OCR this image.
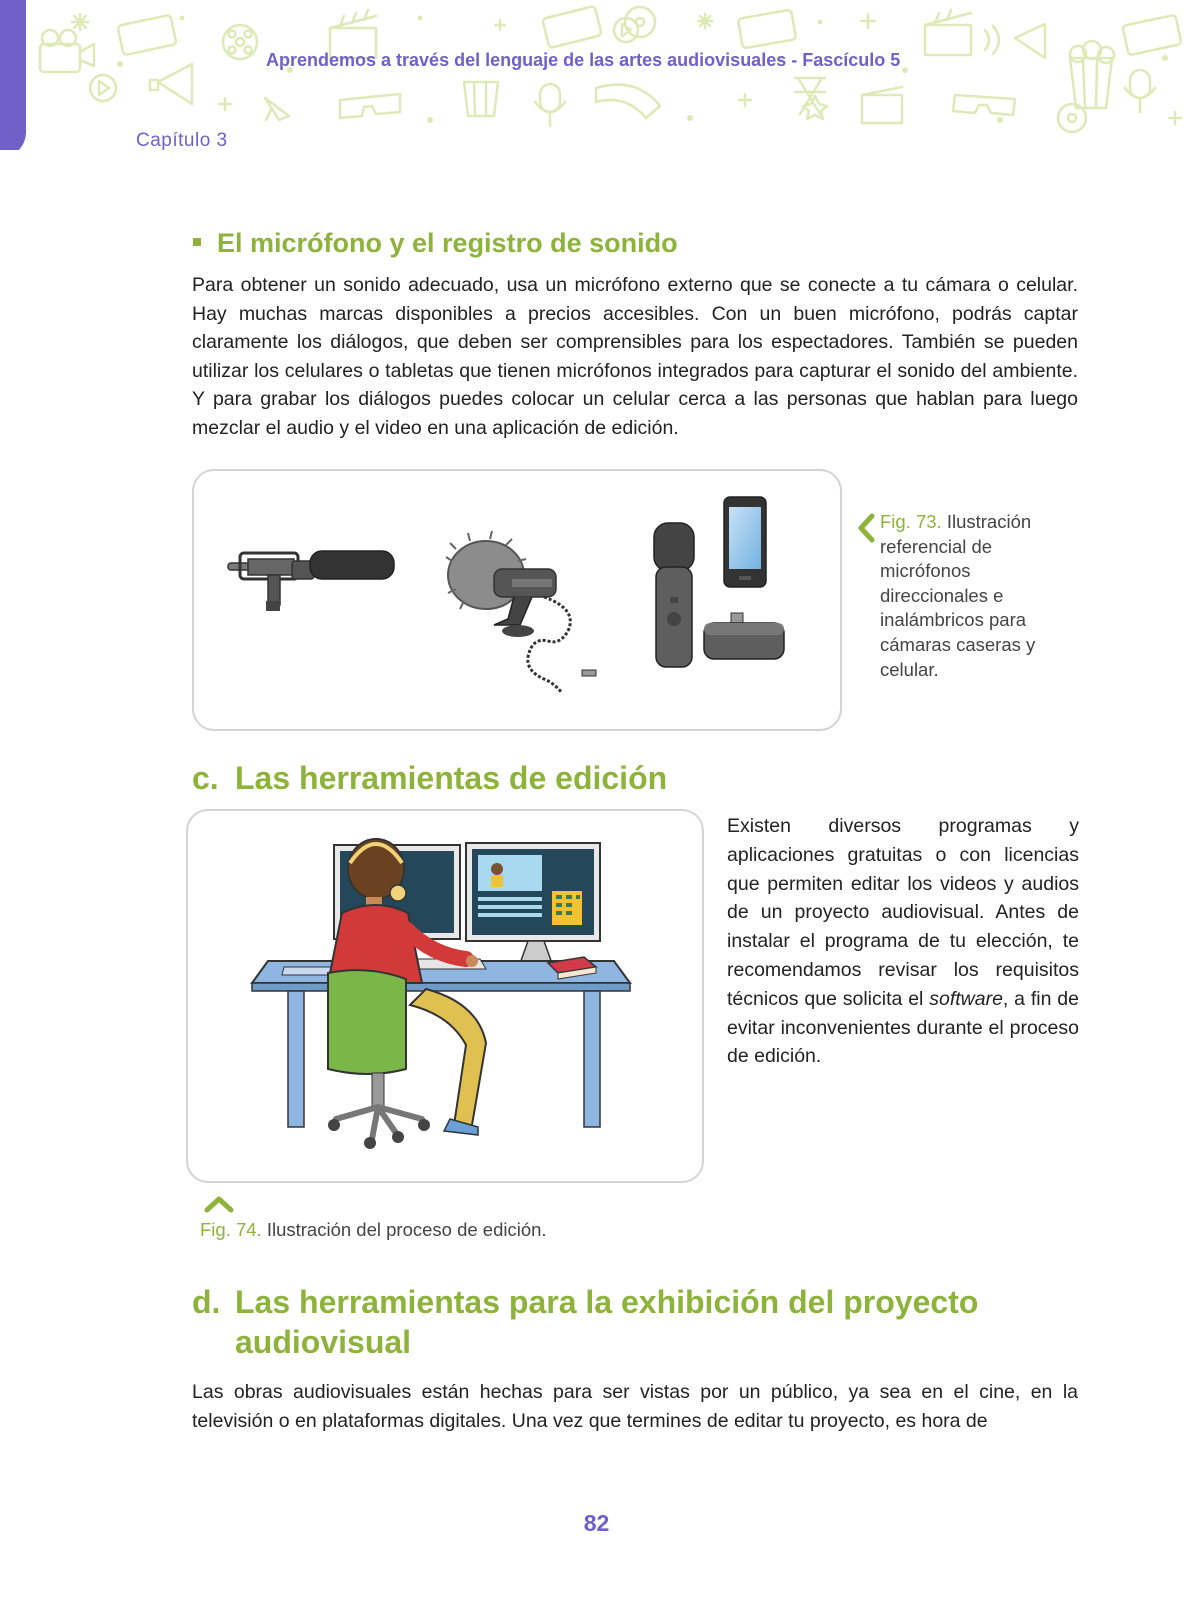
Aprendemos a través del lenguaje de las artes audiovisuales - Fascículo 5
Capítulo 3
El micrófono y el registro de sonido
Para obtener un sonido adecuado, usa un micrófono externo que se conecte a tu cámara o celular. Hay muchas marcas disponibles a precios accesibles. Con un buen micrófono, podrás captar claramente los diálogos, que deben ser comprensibles para los espectadores. También se pueden utilizar los celulares o tabletas que tienen micrófonos integrados para capturar el sonido del ambiente. Y para grabar los diálogos puedes colocar un celular cerca a las personas que hablan para luego mezclar el audio y el video en una aplicación de edición.
Fig. 73. Ilustración referencial de micrófonos direccionales e inalámbricos para cámaras caseras y celular.
c. Las herramientas de edición
Existen diversos programas y aplicaciones gratuitas o con licencias que permiten editar los videos y audios de un proyecto audiovisual. Antes de instalar el programa de tu elección, te recomendamos revisar los requisitos técnicos que solicita el software, a fin de evitar inconvenientes durante el proceso de edición.
Fig. 74. Ilustración del proceso de edición.
d. Las herramientas para la exhibición del proyecto
audiovisual
Las obras audiovisuales están hechas para ser vistas por un público, ya sea en el cine, en la televisión o en plataformas digitales. Una vez que termines de editar tu proyecto, es hora de
82
